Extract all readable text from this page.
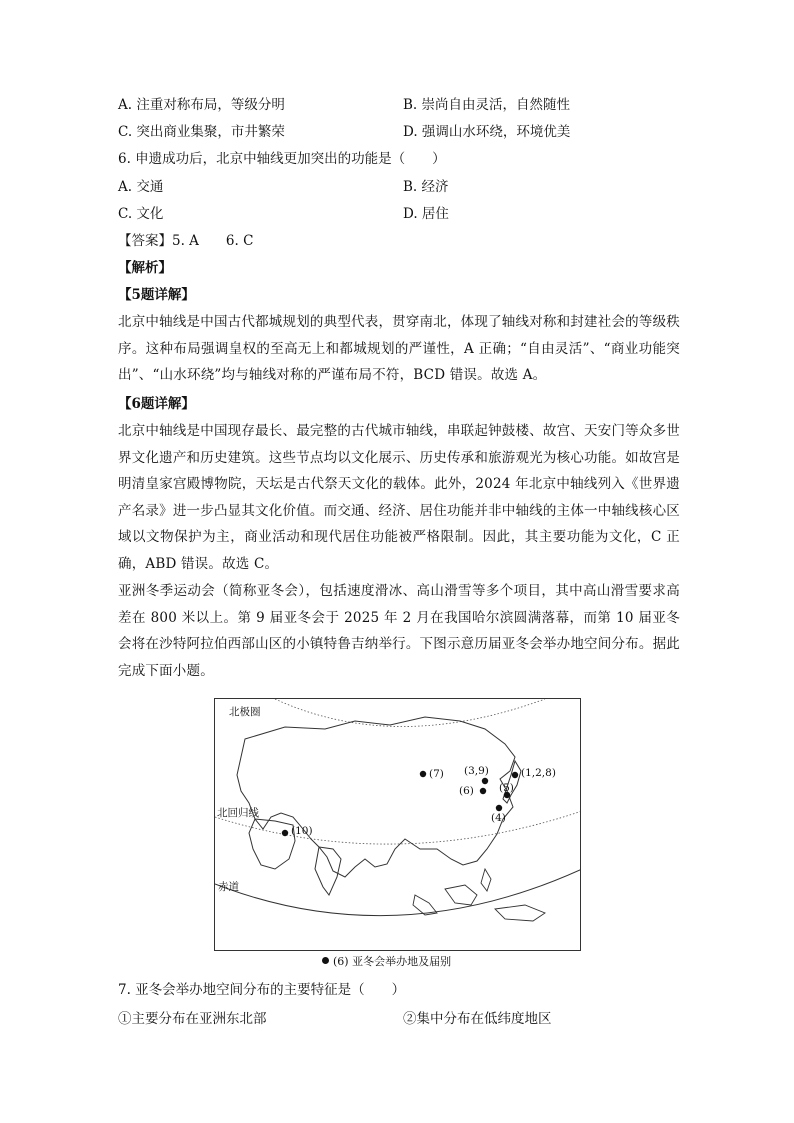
A. 注重对称布局，等级分明	B. 崇尚自由灵活，自然随性
C. 突出商业集聚，市井繁荣	D. 强调山水环绕，环境优美
6. 申遗成功后，北京中轴线更加突出的功能是（　　）
A. 交通	B. 经济
C. 文化	D. 居住
【答案】5. A　　6. C
【解析】
【5题详解】
北京中轴线是中国古代都城规划的典型代表，贯穿南北，体现了轴线对称和封建社会的等级秩序。这种布局强调皇权的至高无上和都城规划的严谨性，A 正确；“自由灵活”、“商业功能突出”、“山水环绕”均与轴线对称的严谨布局不符，BCD 错误。故选 A。
【6题详解】
北京中轴线是中国现存最长、最完整的古代城市轴线，串联起钟鼓楼、故宫、天安门等众多世界文化遗产和历史建筑。这些节点均以文化展示、历史传承和旅游观光为核心功能。如故宫是明清皇家宫殿博物院，天坛是古代祭天文化的载体。此外，2024 年北京中轴线列入《世界遗产名录》进一步凸显其文化价值。而交通、经济、居住功能并非中轴线的主体一中轴线核心区域以文物保护为主，商业活动和现代居住功能被严格限制。因此，其主要功能为文化，C 正确，ABD 错误。故选 C。
亚洲冬季运动会（简称亚冬会），包括速度滑冰、高山滑雪等多个项目，其中高山滑雪要求高差在 800 米以上。第 9 届亚冬会于 2025 年 2 月在我国哈尔滨圆满落幕，而第 10 届亚冬会将在沙特阿拉伯西部山区的小镇特鲁吉纳举行。下图示意历届亚冬会举办地空间分布。据此完成下面小题。
北极圈
北回归线
赤道
(7) (3,9)	(1,2,8)
(6) (5)
(4)
(10)
(6) 亚冬会举办地及届别
7. 亚冬会举办地空间分布的主要特征是（　　）
①主要分布在亚洲东北部	②集中分布在低纬度地区
